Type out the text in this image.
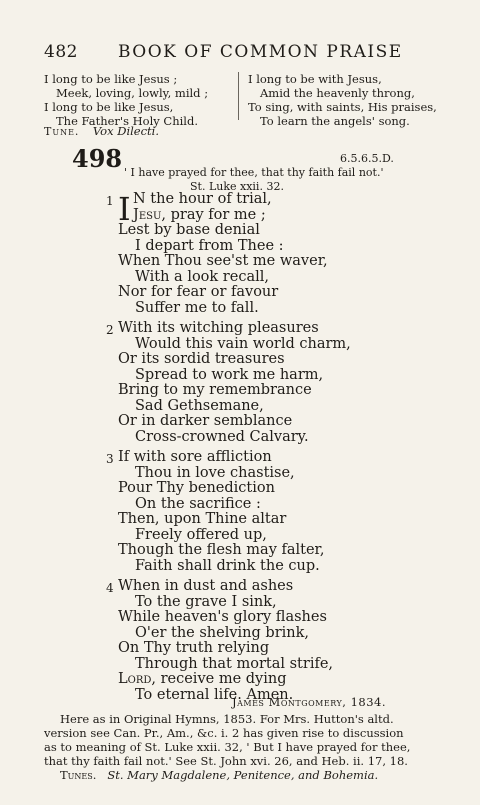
482 BOOK OF COMMON PRAISE
I long to be like Jesus ;
Meek, loving, lowly, mild ;
I long to be like Jesus,
The Father's Holy Child.
I long to be with Jesus,
Amid the heavenly throng,
To sing, with saints, His praises,
To learn the angels' song.
Tune. Vox Dilecti.
498	6.5.6.5.D.
' I have prayed for thee, that thy faith fail not.'
St. Luke xxii. 32.
I N the hour of trial,
1
Jesu, pray for me ;
Lest by base denial
I depart from Thee :
When Thou see'st me waver,
With a look recall,
Nor for fear or favour
Suffer me to fall.
With its witching pleasures
2
Would this vain world charm,
Or its sordid treasures
Spread to work me harm,
Bring to my remembrance
Sad Gethsemane,
Or in darker semblance
Cross-crowned Calvary.
If with sore affliction
3
Thou in love chastise,
Pour Thy benediction
On the sacrifice :
Then, upon Thine altar
Freely offered up,
Though the flesh may falter,
Faith shall drink the cup.
When in dust and ashes
4
To the grave I sink,
While heaven's glory flashes
O'er the shelving brink,
On Thy truth relying
Through that mortal strife,
Lord, receive me dying
To eternal life. Amen.
James Montgomery, 1834.
Here as in Original Hymns, 1853. For Mrs. Hutton's altd.
version see Can. Pr., Am., &c. i. 2 has given rise to discussion
as to meaning of St. Luke xxii. 32, ' But I have prayed for thee,
that thy faith fail not.' See St. John xvi. 26, and Heb. ii. 17, 18.
Tunes. St. Mary Magdalene, Penitence, and Bohemia.
